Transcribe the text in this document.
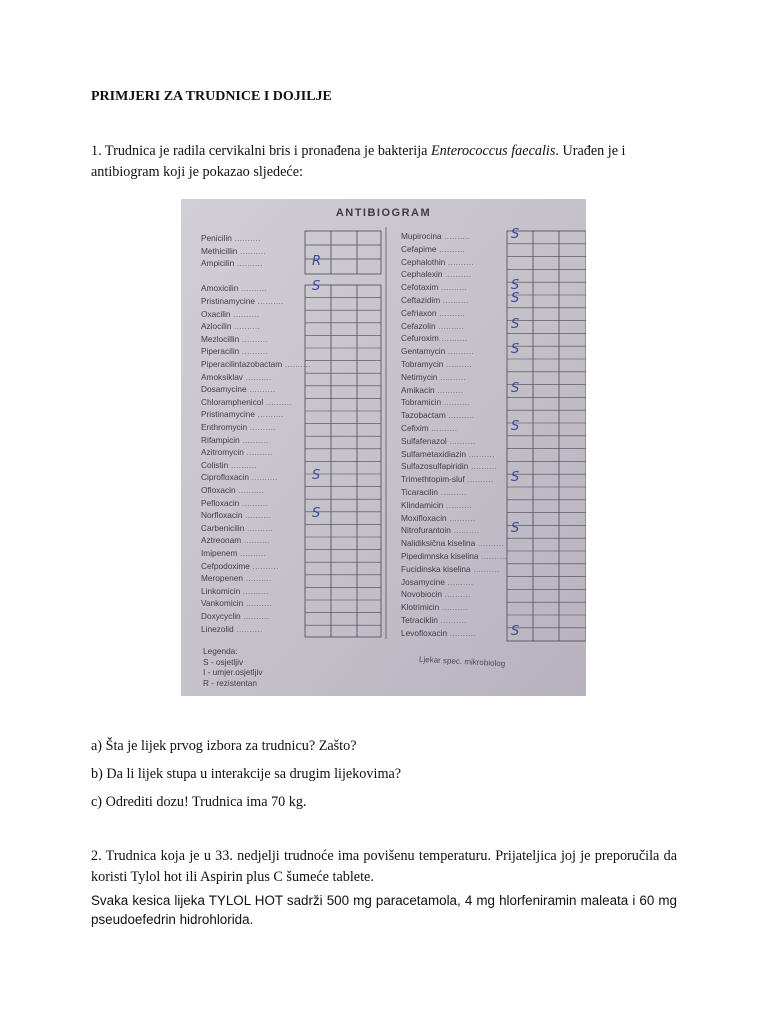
PRIMJERI ZA TRUDNICE I DOJILJE
1. Trudnica je radila cervikalni bris i pronađena je bakterija Enterococcus faecalis. Urađen je i antibiogram koji je pokazao sljedeće:
ANTIBIOGRAM
Penicilin ..........
Methicillin ..........
Ampicilin ..........
Amoxicilin ..........
Pristinamycine ..........
Oxacilin ..........
Azlocilin ..........
Mezlocillin ..........
Piperacilin ..........
Piperacilintazobactam ..........
Amoksiklav ..........
Dosamycine ..........
Chloramphenicol ..........
Pristinamycine ..........
Enthromycin ..........
Rifampicin ..........
Azitromycin ..........
Colistin ..........
Ciprofloxacin ..........
Ofloxacin ..........
Pefloxacin ..........
Norfloxacin ..........
Carbenicilin ..........
Aztreonam ..........
Imipenem ..........
Cefpodoxime ..........
Meropenen ..........
Linkomicin ..........
Vankomicin ..........
Doxycyclin ..........
Linezolid ..........
Mupirocina ..........
Cefapime ..........
Cephalothin ..........
Cephalexin ..........
Cefotaxim ..........
Ceftazidim ..........
Cefriaxon ..........
Cefazolin ..........
Cefuroxim ..........
Gentamycin ..........
Tobramycin ..........
Netimycin ..........
Amikacin ..........
Tobramicin ..........
Tazobactam ..........
Cefixim ..........
Sulfafenazol ..........
Sulfametaxidiazin ..........
Sulfazosulfapiridin ..........
Trimethtopim-sluf ..........
Ticaracilin ..........
Klindamicin ..........
Moxifloxacin ..........
Nitrofurantoin ..........
Nalidiksična kiselina ..........
Pipedimnska kiselina ..........
Fucidinska kiselina ..........
Josamycine ..........
Novobiocin ..........
Klotrimicin ..........
Tetraciklin ..........
Levofloxacin ..........
Legenda:
S - osjetljiv
I - umjer.osjetljiv
R - rezistentan
Ljekar spec. mikrobiolog
R
S
S
S
S
S
S
S
S
S
S
S
S
S
a) Šta je lijek prvog izbora za trudnicu? Zašto?
b) Da li lijek stupa u interakcije sa drugim lijekovima?
c) Odrediti dozu! Trudnica ima 70 kg.
2. Trudnica koja je u 33. nedjelji trudnoće ima povišenu temperaturu. Prijateljica joj je preporučila da koristi Tylol hot ili Aspirin plus C šumeće tablete.
Svaka kesica lijeka TYLOL HOT sadrži 500 mg paracetamola, 4 mg hlorfeniramin maleata i 60 mg pseudoefedrin hidrohlorida.
